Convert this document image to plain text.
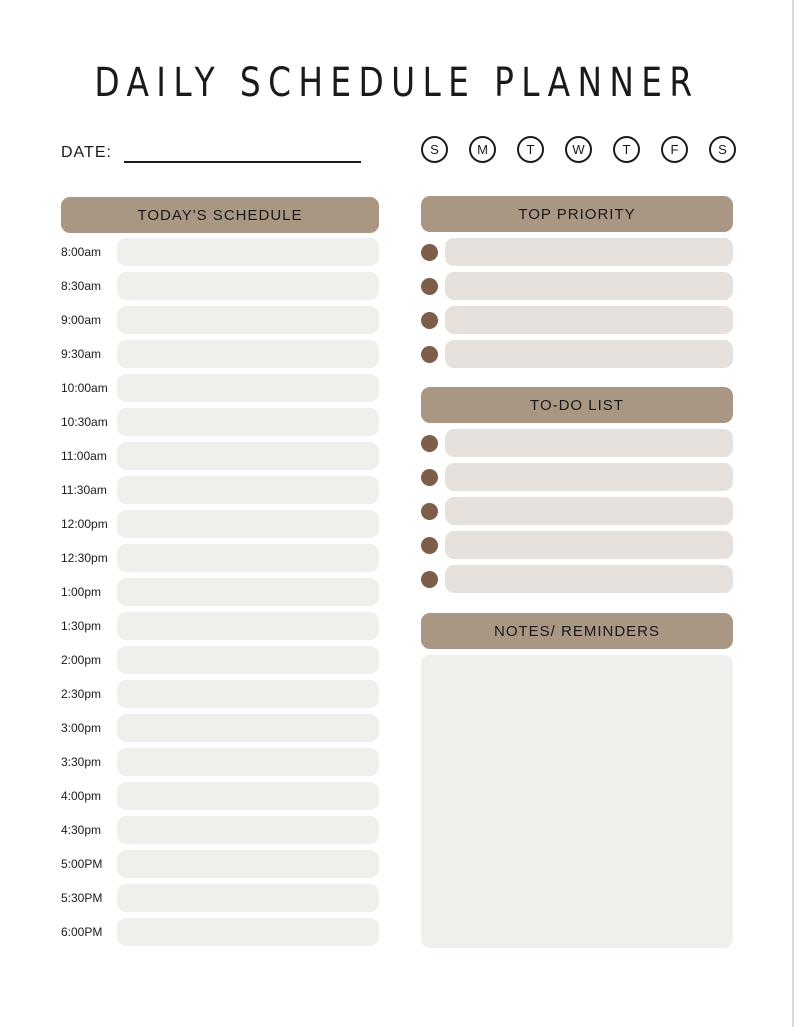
DAILY SCHEDULE PLANNER
DATE:	S	M	T	W	T	F	S
TODAY'S SCHEDULE
8:00am
8:30am
9:00am
9:30am
10:00am
10:30am
11:00am
11:30am
12:00pm
12:30pm
1:00pm
1:30pm
2:00pm
2:30pm
3:00pm
3:30pm
4:00pm
4:30pm
5:00PM
5:30PM
6:00PM
TOP PRIORITY
TO-DO LIST
NOTES/ REMINDERS
